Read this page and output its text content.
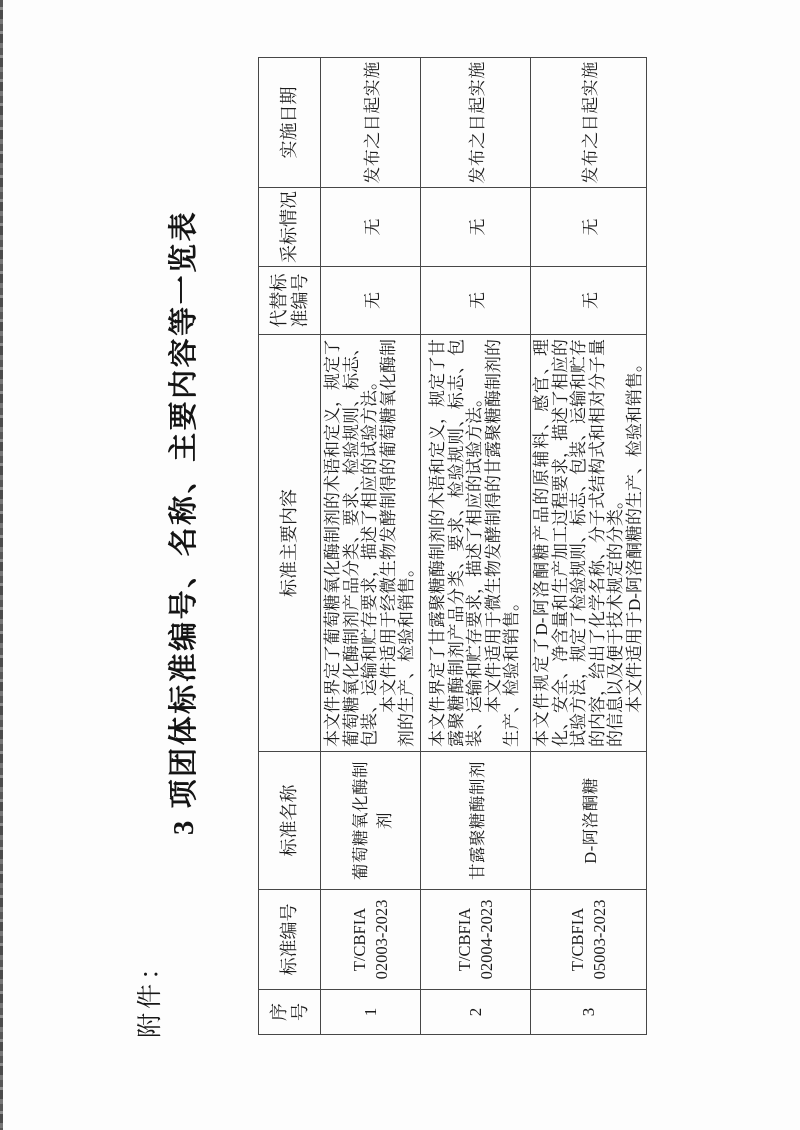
附件：
3 项团体标准编号、名称、主要内容等一览表
序号	标准编号	标准名称	标准主要内容	代替标准编号	采标情况	实施日期
1	T/CBFIA 02003-2023	葡萄糖氧化酶制剂	本文件界定了葡萄糖氧化酶制剂的术语和定义，规定了葡萄糖氧化酶制剂产品分类、要求、检验规则、标志、包装、运输和贮存要求，描述了相应的试验方法。 本文件适用于经微生物发酵制得的葡萄糖氧化酶制剂的生产、检验和销售。	无	无	发布之日起实施
2	T/CBFIA 02004-2023	甘露聚糖酶制剂	本文件界定了甘露聚糖酶制剂的术语和定义，规定了甘露聚糖酶制剂产品分类、要求、检验规则、标志、包装、运输和贮存要求，描述了相应的试验方法。 本文件适用于微生物发酵制得的甘露聚糖酶制剂的生产、检验和销售。	无	无	发布之日起实施
3	T/CBFIA 05003-2023	D-阿洛酮糖	本文件规定了D-阿洛酮糖产品的原辅料、感官、理化、安全、净含量和生产加工过程要求，描述了相应的试验方法，规定了检验规则、标志、包装、运输和贮存的内容，给出了化学名称、分子式结构式和相对分子量的信息以及便于技术规定的分类。 本文件适用于D-阿洛酮糖的生产、检验和销售。	无	无	发布之日起实施
